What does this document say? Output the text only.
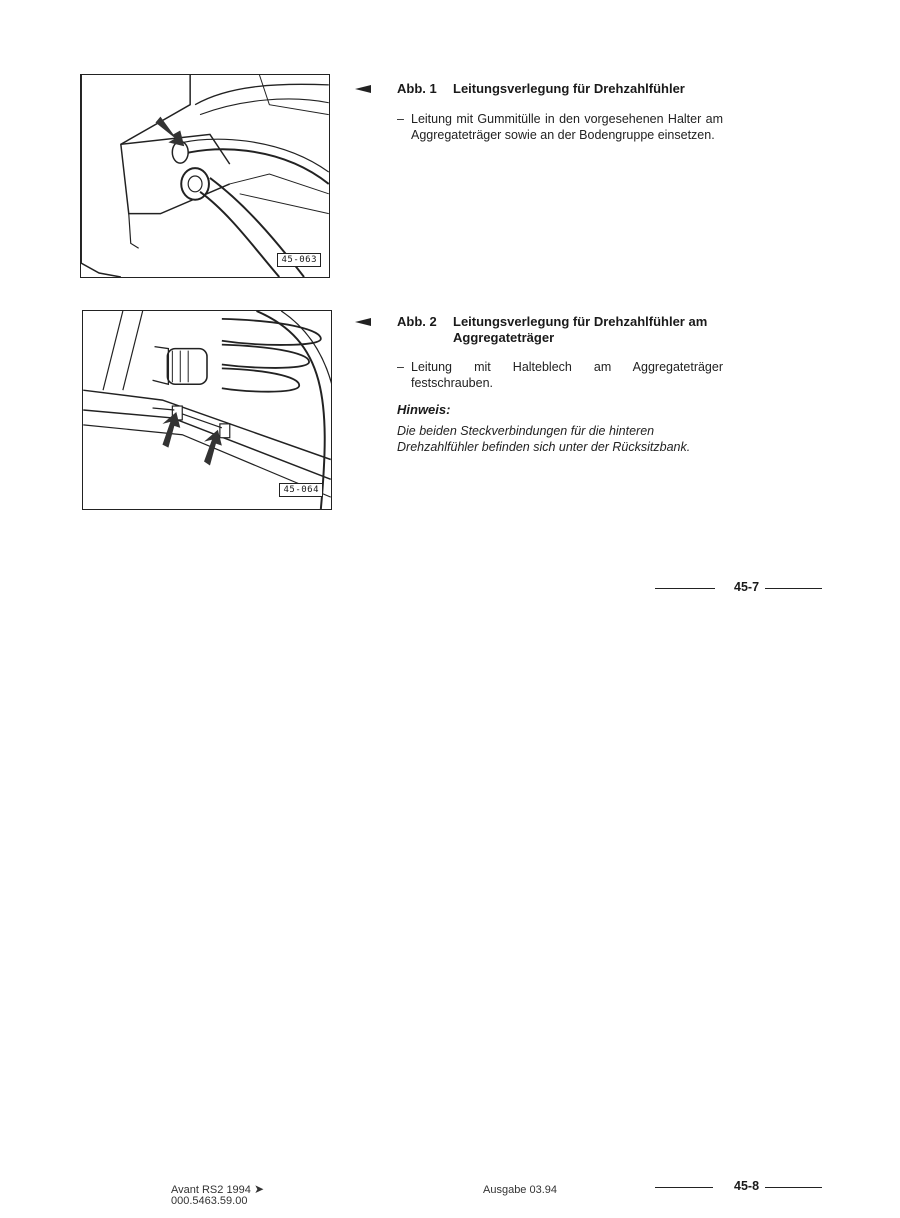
45-063
45-064
Abb. 1 Leitungsverlegung für Drehzahlfühler
– Leitung mit Gummitülle in den vorgesehenen Halter am Aggregateträger sowie an der Bodengruppe einsetzen.
Abb. 2 Leitungsverlegung für Drehzahlfühler am Aggregateträger
– Leitung mit Halteblech am Aggregateträger festschrauben.
Hinweis:
Die beiden Steckverbindungen für die hinteren Drehzahlfühler befinden sich unter der Rücksitzbank.
45-7
Avant RS2 1994 ➤
000.5463.59.00
Ausgabe 03.94	45-8
